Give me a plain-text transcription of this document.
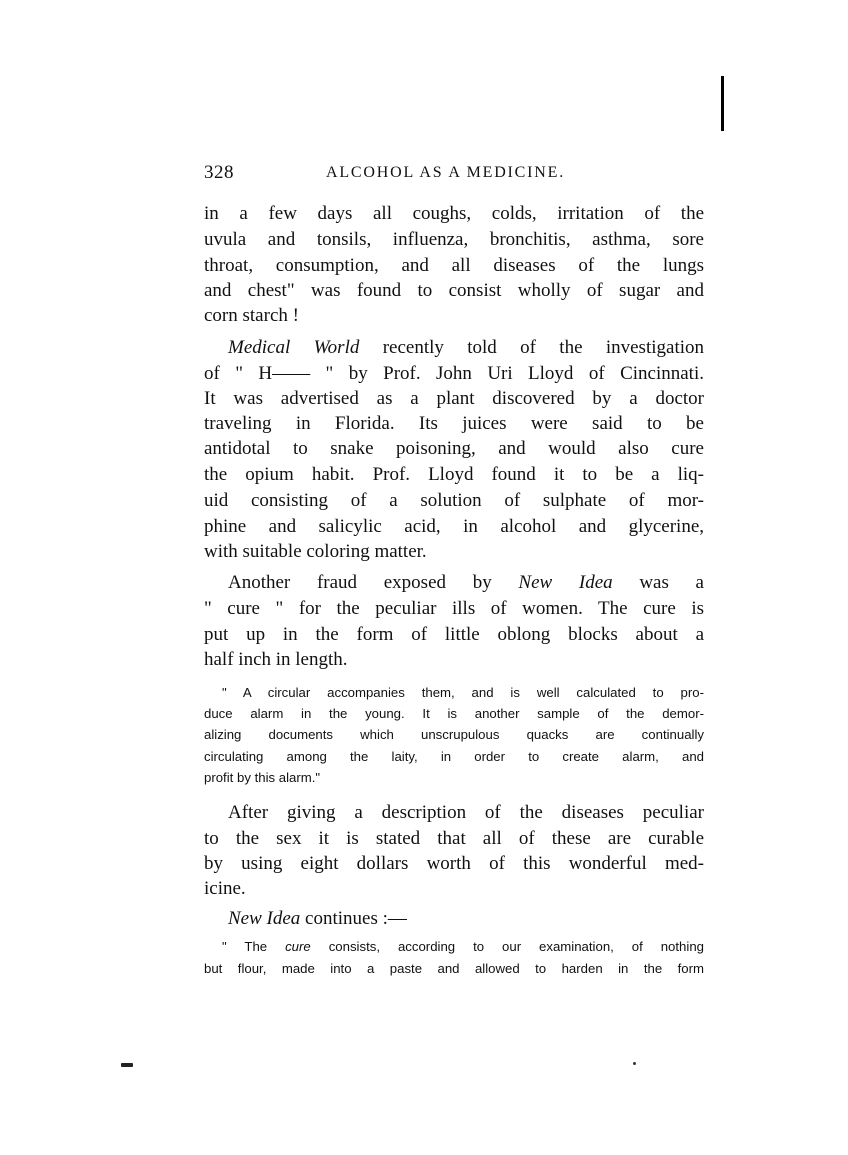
328	ALCOHOL AS A MEDICINE.
in a few days all coughs, colds, irritation of the
uvula and tonsils, influenza, bronchitis, asthma, sore
throat, consumption, and all diseases of the lungs
and chest" was found to consist wholly of sugar and
corn starch !
Medical World recently told of the investigation
of " H—— " by Prof. John Uri Lloyd of Cincinnati.
It was advertised as a plant discovered by a doctor
traveling in Florida. Its juices were said to be
antidotal to snake poisoning, and would also cure
the opium habit. Prof. Lloyd found it to be a liq-
uid consisting of a solution of sulphate of mor-
phine and salicylic acid, in alcohol and glycerine,
with suitable coloring matter.
Another fraud exposed by New Idea was a
" cure " for the peculiar ills of women. The cure is
put up in the form of little oblong blocks about a
half inch in length.
" A circular accompanies them, and is well calculated to pro-
duce alarm in the young. It is another sample of the demor-
alizing documents which unscrupulous quacks are continually
circulating among the laity, in order to create alarm, and
profit by this alarm."
After giving a description of the diseases peculiar
to the sex it is stated that all of these are curable
by using eight dollars worth of this wonderful med-
icine.
New Idea continues :—
" The cure consists, according to our examination, of nothing
but flour, made into a paste and allowed to harden in the form
